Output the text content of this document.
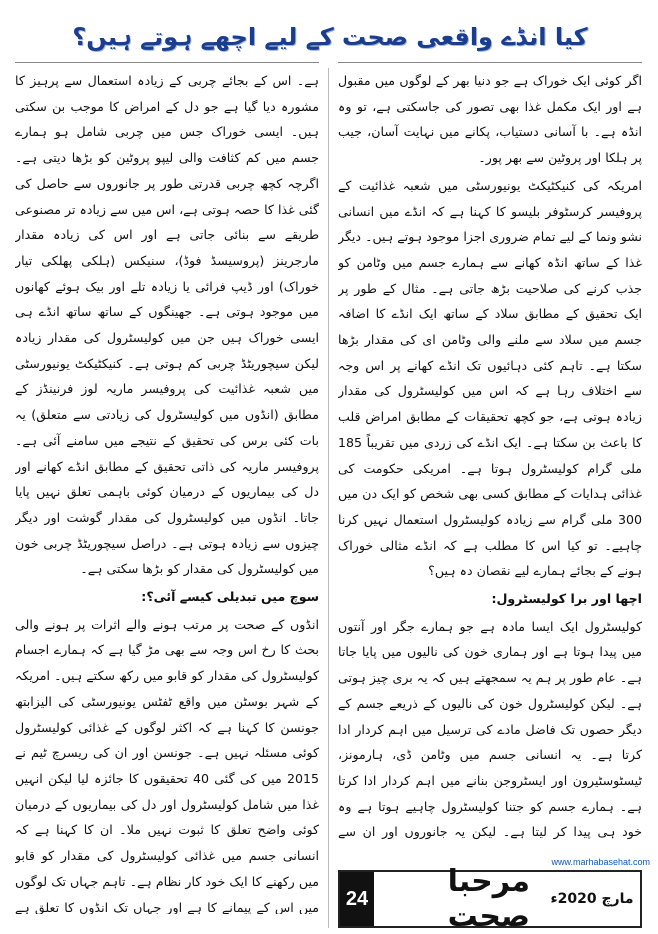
کیا انڈے واقعی صحت کے لیے اچھے ہوتے ہیں؟

اگر کوئی ایک خوراک ہے جو دنیا بھر کے لوگوں میں مقبول ہے اور ایک مکمل غذا بھی تصور کی جاسکتی ہے، تو وہ انڈہ ہے۔ با آسانی دستیاب، پکانے میں نہایت آسان، جیب پر ہلکا اور پروٹین سے بھر پور۔

امریکہ کی کنیکٹیکٹ یونیورسٹی میں شعبہ غذائیت کے پروفیسر کرسٹوفر بلیسو کا کہنا ہے کہ انڈے میں انسانی نشو ونما کے لیے تمام ضروری اجزا موجود ہوتے ہیں۔ دیگر غذا کے ساتھ انڈہ کھانے سے ہمارے جسم میں وٹامن کو جذب کرنے کی صلاحیت بڑھ جاتی ہے۔ مثال کے طور پر ایک تحقیق کے مطابق سلاد کے ساتھ ایک انڈے کا اضافہ جسم میں سلاد سے ملنے والی وٹامن ای کی مقدار بڑھا سکتا ہے۔ تاہم کئی دہائیوں تک انڈے کھانے پر اس وجہ سے اختلاف رہا ہے کہ اس میں کولیسٹرول کی مقدار زیادہ ہوتی ہے، جو کچھ تحقیقات کے مطابق امراض قلب کا باعث بن سکتا ہے۔ ایک انڈے کی زردی میں تقریباً 185 ملی گرام کولیسٹرول ہوتا ہے۔ امریکی حکومت کی غذائی ہدایات کے مطابق کسی بھی شخص کو ایک دن میں 300 ملی گرام سے زیادہ کولیسٹرول استعمال نہیں کرنا چاہیے۔ تو کیا اس کا مطلب ہے کہ انڈے مثالی خوراک ہونے کے بجائے ہمارے لیے نقصان دہ ہیں؟

اچھا اور برا کولیسٹرول:

کولیسٹرول ایک ایسا مادہ ہے جو ہمارے جگر اور آنتوں میں پیدا ہوتا ہے اور ہماری خون کی نالیوں میں پایا جاتا ہے۔ عام طور پر ہم یہ سمجھتے ہیں کہ یہ بری چیز ہوتی ہے۔ لیکن کولیسٹرول خون کی نالیوں کے ذریعے جسم کے دیگر حصوں تک فاضل مادے کی ترسیل میں اہم کردار ادا کرتا ہے۔ یہ انسانی جسم میں وٹامن ڈی، ہارمونز، ٹیسٹوسٹیرون اور ایسٹروجن بنانے میں اہم کردار ادا کرتا ہے۔ ہمارے جسم کو جتنا کولیسٹرول چاہیے ہوتا ہے وہ خود ہی پیدا کر لیتا ہے۔ لیکن یہ جانوروں اور ان سے

ہے۔ اس کے بجائے چربی کے زیادہ استعمال سے پرہیز کا مشورہ دیا گیا ہے جو دل کے امراض کا موجب بن سکتی ہیں۔ ایسی خوراک جس میں چربی شامل ہو ہمارے جسم میں کم کثافت والی لیپو پروٹین کو بڑھا دیتی ہے۔ اگرچہ کچھ چربی قدرتی طور پر جانوروں سے حاصل کی گئی غذا کا حصہ ہوتی ہے، اس میں سے زیادہ تر مصنوعی طریقے سے بنائی جاتی ہے اور اس کی زیادہ مقدار مارجرینز (پروسیسڈ فوڈ)، سنیکس (ہلکی پھلکی تیار خوراک) اور ڈیپ فرائی یا زیادہ تلے اور بیک ہوئے کھانوں میں موجود ہوتی ہے۔ جھینگوں کے ساتھ ساتھ انڈے ہی ایسی خوراک ہیں جن میں کولیسٹرول کی مقدار زیادہ لیکن سیچوریٹڈ چربی کم ہوتی ہے۔ کنیکٹیکٹ یونیورسٹی میں شعبہ غذائیت کی پروفیسر ماریہ لوز فرنینڈز کے مطابق (انڈوں میں کولیسٹرول کی زیادتی سے متعلق) یہ بات کئی برس کی تحقیق کے نتیجے میں سامنے آئی ہے۔ پروفیسر ماریہ کی ذاتی تحقیق کے مطابق انڈے کھانے اور دل کی بیماریوں کے درمیان کوئی باہمی تعلق نہیں پایا جاتا۔ انڈوں میں کولیسٹرول کی مقدار گوشت اور دیگر چیزوں سے زیادہ ہوتی ہے۔ دراصل سیچوریٹڈ چربی خون میں کولیسٹرول کی مقدار کو بڑھا سکتی ہے۔

سوچ میں تبدیلی کیسے آئی؟:

انڈوں کے صحت پر مرتب ہونے والے اثرات پر ہونے والی بحث کا رخ اس وجہ سے بھی مڑ گیا ہے کہ ہمارے اجسام کولیسٹرول کی مقدار کو قابو میں رکھ سکتے ہیں۔ امریکہ کے شہر بوسٹن میں واقع ٹفٹس یونیورسٹی کی الیزابتھ جونسن کا کہنا ہے کہ اکثر لوگوں کے غذائی کولیسٹرول کوئی مسئلہ نہیں ہے۔ جونسن اور ان کی ریسرچ ٹیم نے 2015 میں کی گئی 40 تحقیقوں کا جائزہ لیا لیکن انہیں غذا میں شامل کولیسٹرول اور دل کی بیماریوں کے درمیان کوئی واضح تعلق کا ثبوت نہیں ملا۔ ان کا کہنا ہے کہ انسانی جسم میں غذائی کولیسٹرول کی مقدار کو قابو میں رکھنے کا ایک خود کار نظام ہے۔ تاہم جہاں تک لوگوں میں اس کے پیمانے کا ہے اور جہاں تک انڈوں کا تعلق ہے

www.marhabasehat.com
24	مرحبا صحت	مارچ 2020ء
